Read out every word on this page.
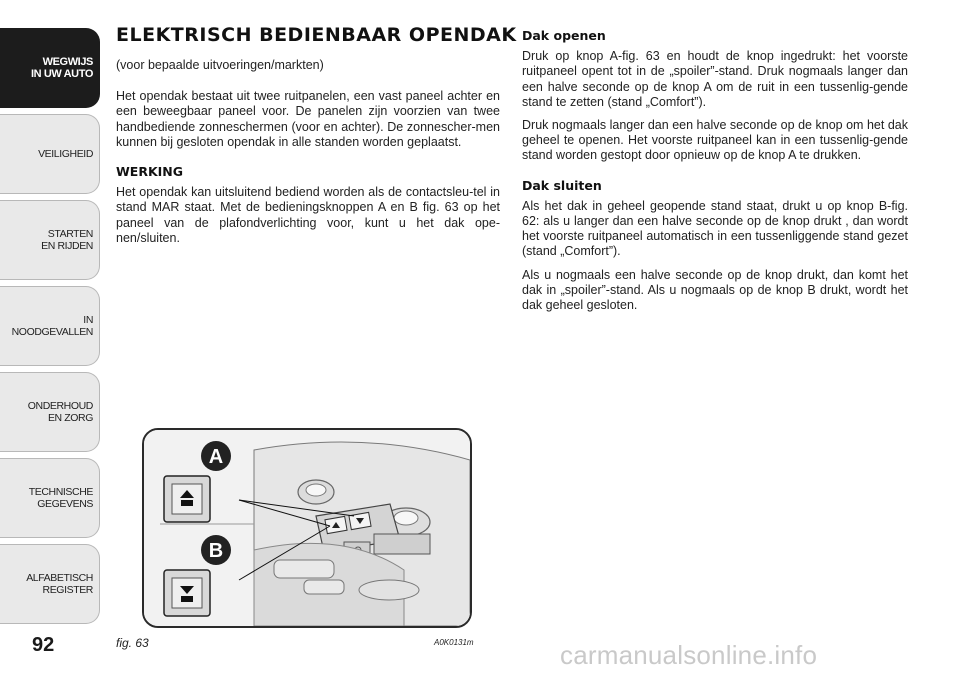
WEGWIJS
IN UW AUTO
VEILIGHEID
STARTEN
EN RIJDEN
IN NOODGEVALLEN
ONDERHOUD
EN ZORG
TECHNISCHE
GEGEVENS
ALFABETISCH
REGISTER
92
ELEKTRISCH BEDIENBAAR OPENDAK

(voor bepaalde uitvoeringen/markten)

Het opendak bestaat uit twee ruitpanelen, een vast paneel achter en een beweegbaar paneel voor. De panelen zijn voorzien van twee handbediende zonneschermen (voor en achter). De zonnescher-men kunnen bij gesloten opendak in alle standen worden geplaatst.

WERKING

Het opendak kan uitsluitend bediend worden als de contactsleu-tel in stand MAR staat. Met de bedieningsknoppen A en B fig. 63 op het paneel van de plafondverlichting voor, kunt u het dak ope-nen/sluiten.

Dak openen

Druk op knop A-fig. 63 en houdt de knop ingedrukt: het voorste ruitpaneel opent tot in de „spoiler”-stand. Druk nogmaals langer dan een halve seconde op de knop A om de ruit in een tussenlig-gende stand te zetten (stand „Comfort”).

Druk nogmaals langer dan een halve seconde op de knop om het dak geheel te openen. Het voorste ruitpaneel kan in een tussenlig-gende stand worden gestopt door opnieuw op de knop A te drukken.

Dak sluiten

Als het dak in geheel geopende stand staat, drukt u op knop B-fig. 62: als u langer dan een halve seconde op de knop drukt , dan wordt het voorste ruitpaneel automatisch in een tussenliggende stand gezet (stand „Comfort”).

Als u nogmaals een halve seconde op de knop drukt, dan komt het dak in „spoiler”-stand. Als u nogmaals op de knop B drukt, wordt het dak geheel gesloten.

A
B
fig. 63	A0K0131m	carmanualsonline.info
